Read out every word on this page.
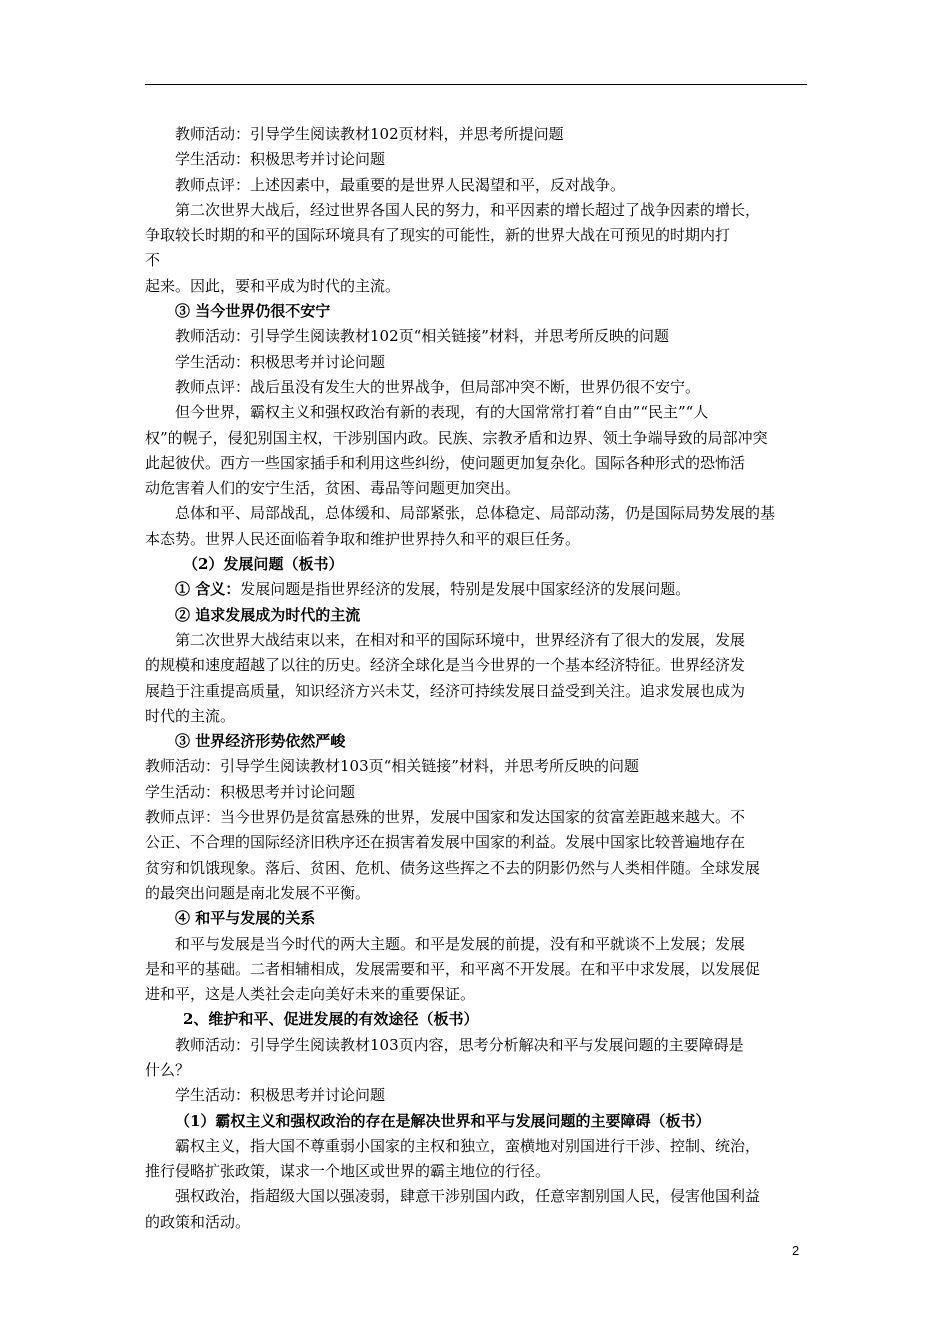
教师活动：引导学生阅读教材102页材料，并思考所提问题
学生活动：积极思考并讨论问题
教师点评：上述因素中，最重要的是世界人民渴望和平，反对战争。
第二次世界大战后，经过世界各国人民的努力，和平因素的增长超过了战争因素的增长，
争取较长时期的和平的国际环境具有了现实的可能性，新的世界大战在可预见的时期内打
不
起来。因此，要和平成为时代的主流。
③ 当今世界仍很不安宁
教师活动：引导学生阅读教材102页“相关链接”材料，并思考所反映的问题
学生活动：积极思考并讨论问题
教师点评：战后虽没有发生大的世界战争，但局部冲突不断，世界仍很不安宁。
但今世界，霸权主义和强权政治有新的表现，有的大国常常打着“自由”“民主”“人
权”的幌子，侵犯别国主权，干涉别国内政。民族、宗教矛盾和边界、领土争端导致的局部冲突
此起彼伏。西方一些国家插手和利用这些纠纷，使问题更加复杂化。国际各种形式的恐怖活
动危害着人们的安宁生活，贫困、毒品等问题更加突出。
总体和平、局部战乱，总体缓和、局部紧张，总体稳定、局部动荡，仍是国际局势发展的基
本态势。世界人民还面临着争取和维护世界持久和平的艰巨任务。
（2）发展问题（板书）
① 含义：发展问题是指世界经济的发展，特别是发展中国家经济的发展问题。
② 追求发展成为时代的主流
第二次世界大战结束以来，在相对和平的国际环境中，世界经济有了很大的发展，发展
的规模和速度超越了以往的历史。经济全球化是当今世界的一个基本经济特征。世界经济发
展趋于注重提高质量，知识经济方兴未艾，经济可持续发展日益受到关注。追求发展也成为
时代的主流。
③ 世界经济形势依然严峻
教师活动：引导学生阅读教材103页“相关链接”材料，并思考所反映的问题
学生活动：积极思考并讨论问题
教师点评：当今世界仍是贫富悬殊的世界，发展中国家和发达国家的贫富差距越来越大。不
公正、不合理的国际经济旧秩序还在损害着发展中国家的利益。发展中国家比较普遍地存在
贫穷和饥饿现象。落后、贫困、危机、债务这些挥之不去的阴影仍然与人类相伴随。全球发展
的最突出问题是南北发展不平衡。
④ 和平与发展的关系
和平与发展是当今时代的两大主题。和平是发展的前提，没有和平就谈不上发展；发展
是和平的基础。二者相辅相成，发展需要和平，和平离不开发展。在和平中求发展，以发展促
进和平，这是人类社会走向美好未来的重要保证。
2、维护和平、促进发展的有效途径（板书）
教师活动：引导学生阅读教材103页内容，思考分析解决和平与发展问题的主要障碍是
什么？
学生活动：积极思考并讨论问题
（1）霸权主义和强权政治的存在是解决世界和平与发展问题的主要障碍（板书）
霸权主义，指大国不尊重弱小国家的主权和独立，蛮横地对别国进行干涉、控制、统治，
推行侵略扩张政策，谋求一个地区或世界的霸主地位的行径。
强权政治，指超级大国以强凌弱，肆意干涉别国内政，任意宰割别国人民，侵害他国利益
的政策和活动。
2
